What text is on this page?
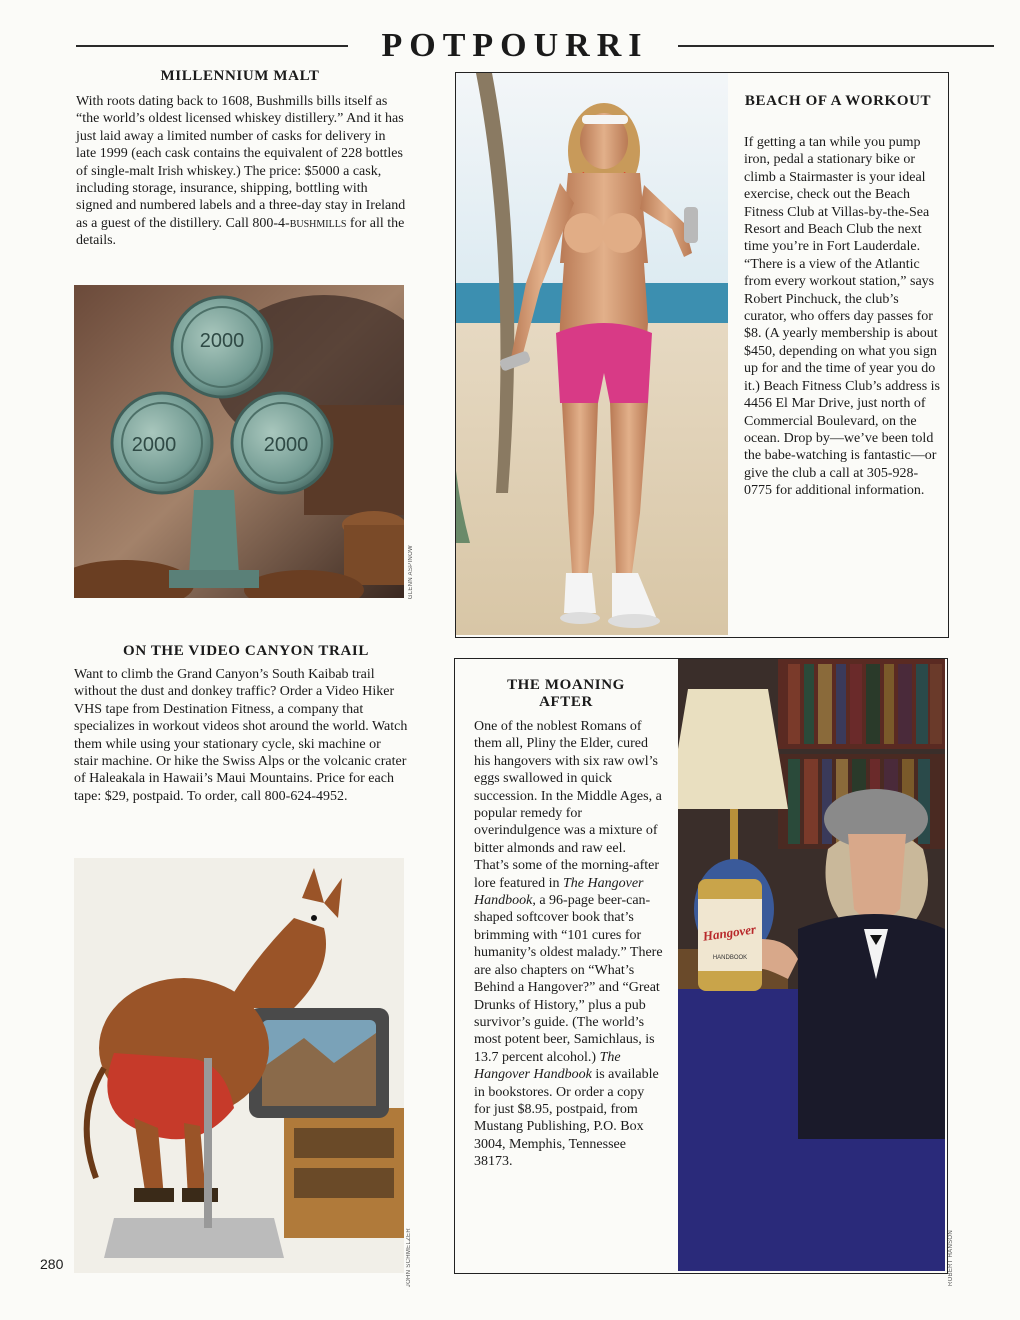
POTPOURRI
MILLENNIUM MALT
With roots dating back to 1608, Bushmills bills itself as “the world’s oldest licensed whiskey distillery.” And it has just laid away a limited number of casks for delivery in late 1999 (each cask contains the equivalent of 228 bottles of single-malt Irish whiskey.) The price: $5000 a cask, including storage, insurance, shipping, bottling with signed and numbered labels and a three-day stay in Ireland as a guest of the distillery. Call 800-4-bushmills for all the details.
2000
2000	2000
GLENN ASPINOW
BEACH OF A WORKOUT
If getting a tan while you pump iron, pedal a stationary bike or climb a Stairmaster is your ideal exercise, check out the Beach Fitness Club at Villas-by-the-Sea Resort and Beach Club the next time you’re in Fort Lauderdale. “There is a view of the Atlantic from every workout station,” says Robert Pinchuck, the club’s curator, who offers day passes for $8. (A yearly membership is about $450, depending on what you sign up for and the time of year you do it.) Beach Fitness Club’s address is 4456 El Mar Drive, just north of Commercial Boulevard, on the ocean. Drop by—we’ve been told the babe-watching is fantastic—or give the club a call at 305-928-0775 for additional information.
ON THE VIDEO CANYON TRAIL
Want to climb the Grand Canyon’s South Kaibab trail without the dust and donkey traffic? Order a Video Hiker VHS tape from Destination Fitness, a company that specializes in workout videos shot around the world. Watch them while using your stationary cycle, ski machine or stair machine. Or hike the Swiss Alps or the volcanic crater of Haleakala in Hawaii’s Maui Mountains. Price for each tape: $29, postpaid. To order, call 800-624-4952.
JOHN SCHMELZER
THE MOANING AFTER
One of the noblest Romans of them all, Pliny the Elder, cured his hangovers with six raw owl’s eggs swallowed in quick succession. In the Middle Ages, a popular remedy for overindulgence was a mixture of bitter almonds and raw eel. That’s some of the morning-after lore featured in The Hangover Handbook, a 96-page beer-can-shaped softcover book that’s brimming with “101 cures for humanity’s oldest malady.” There are also chapters on “What’s Behind a Hangover?” and “Great Drunks of History,” plus a pub survivor’s guide. (The world’s most potent beer, Samichlaus, is 13.7 percent alcohol.) The Hangover Handbook is available in bookstores. Or order a copy for just $8.95, postpaid, from Mustang Publishing, P.O. Box 3004, Memphis, Tennessee 38173.
Hangover
HANDBOOK
ROBERT HANSON
280
